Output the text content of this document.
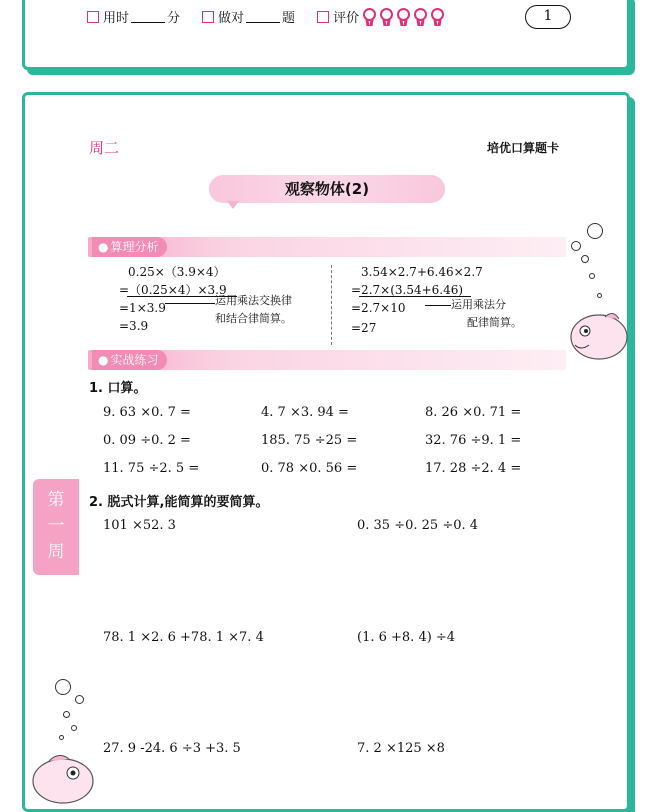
用时	分	做对	题	评价	1
周二	培优口算题卡
观察物体(2)
● 算理分析
0.25×（3.9×4）
=（0.25×4）×3.9
=1×3.9
=3.9
运用乘法交换律
和结合律简算。
3.54×2.7+6.46×2.7
=2.7×(3.54+6.46)
=2.7×10
=27
运用乘法分
配律简算。
● 实战练习
1. 口算。
9. 63 ×0. 7 =	4. 7 ×3. 94 =	8. 26 ×0. 71 =
0. 09 ÷0. 2 =	185. 75 ÷25 =	32. 76 ÷9. 1 =
11. 75 ÷2. 5 =	0. 78 ×0. 56 =	17. 28 ÷2. 4 =
2. 脱式计算,能简算的要简算。
101 ×52. 3	0. 35 ÷0. 25 ÷0. 4
78. 1 ×2. 6 +78. 1 ×7. 4	(1. 6 +8. 4) ÷4
27. 9 -24. 6 ÷3 +3. 5	7. 2 ×125 ×8
第
一
周
